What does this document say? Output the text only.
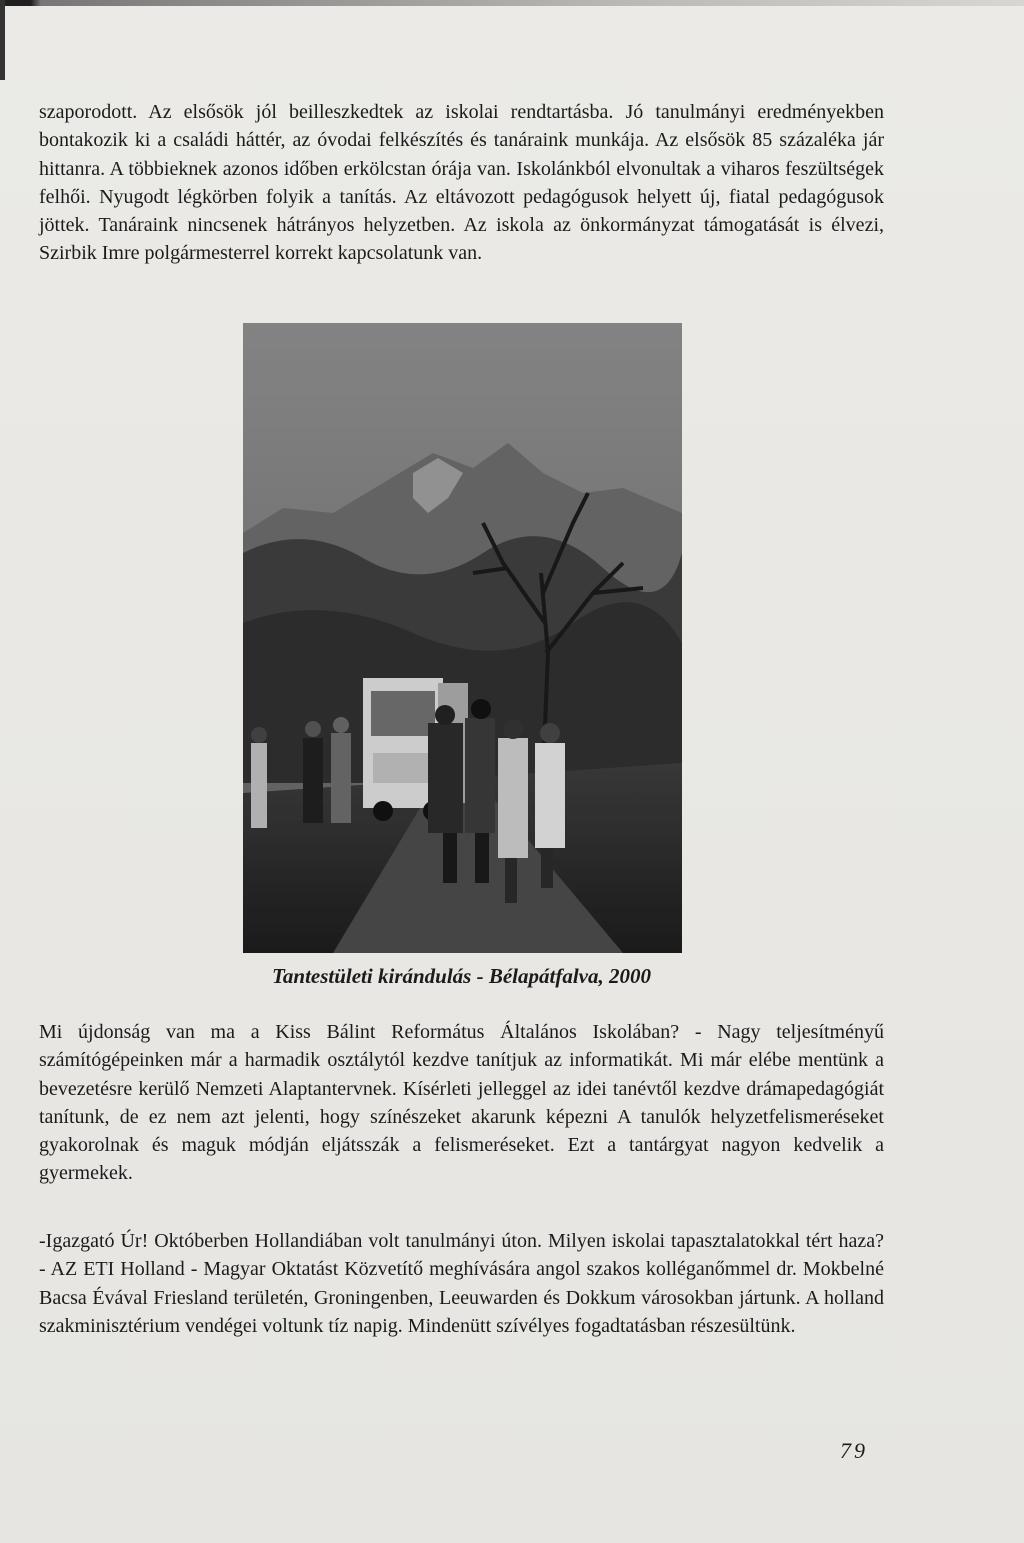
szaporodott. Az elsősök jól beilleszkedtek az iskolai rendtartásba. Jó tanulmányi eredményekben bontakozik ki a családi háttér, az óvodai felkészítés és tanáraink munkája. Az elsősök 85 százaléka jár hittanra. A többieknek azonos időben erkölcstan órája van. Iskolánkból elvonultak a viharos feszültségek felhői. Nyugodt légkörben folyik a tanítás. Az eltávozott pedagógusok helyett új, fiatal pedagógusok jöttek. Tanáraink nincsenek hátrányos helyzetben. Az iskola az önkormányzat támogatását is élvezi, Szirbik Imre polgármesterrel korrekt kapcsolatunk van.

Tantestületi kirándulás - Bélapátfalva, 2000

Mi újdonság van ma a Kiss Bálint Református Általános Iskolában? - Nagy teljesítményű számítógépeinken már a harmadik osztálytól kezdve tanítjuk az informatikát. Mi már elébe mentünk a bevezetésre kerülő Nemzeti Alaptantervnek. Kísérleti jelleggel az idei tanévtől kezdve drámapedagógiát tanítunk, de ez nem azt jelenti, hogy színészeket akarunk képezni A tanulók helyzetfelismeréseket gyakorolnak és maguk módján eljátsszák a felismeréseket. Ezt a tantárgyat nagyon kedvelik a gyermekek.

-Igazgató Úr! Októberben Hollandiában volt tanulmányi úton. Milyen iskolai tapasztalatokkal tért haza? - AZ ETI Holland - Magyar Oktatást Közvetítő meghívására angol szakos kolléganőmmel dr. Mokbelné Bacsa Évával Friesland területén, Groningenben, Leeuwarden és Dokkum városokban jártunk. A holland szakminisztérium vendégei voltunk tíz napig. Mindenütt szívélyes fogadtatásban részesültünk.

79
